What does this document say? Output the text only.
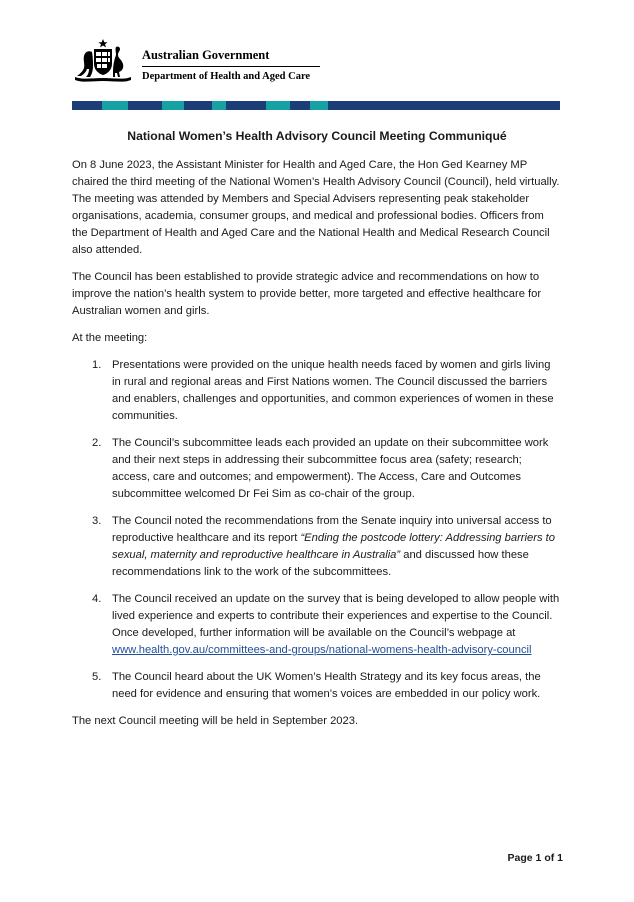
Australian Government
Department of Health and Aged Care
National Women’s Health Advisory Council Meeting Communiqué

On 8 June 2023, the Assistant Minister for Health and Aged Care, the Hon Ged Kearney MP chaired the third meeting of the National Women’s Health Advisory Council (Council), held virtually. The meeting was attended by Members and Special Advisers representing peak stakeholder organisations, academia, consumer groups, and medical and professional bodies. Officers from the Department of Health and Aged Care and the National Health and Medical Research Council also attended.

The Council has been established to provide strategic advice and recommendations on how to improve the nation’s health system to provide better, more targeted and effective healthcare for Australian women and girls.

At the meeting:

1. Presentations were provided on the unique health needs faced by women and girls living in rural and regional areas and First Nations women. The Council discussed the barriers and enablers, challenges and opportunities, and common experiences of women in these communities.
2. The Council’s subcommittee leads each provided an update on their subcommittee work and their next steps in addressing their subcommittee focus area (safety; research; access, care and outcomes; and empowerment). The Access, Care and Outcomes subcommittee welcomed Dr Fei Sim as co-chair of the group.
3. The Council noted the recommendations from the Senate inquiry into universal access to reproductive healthcare and its report “Ending the postcode lottery: Addressing barriers to sexual, maternity and reproductive healthcare in Australia” and discussed how these recommendations link to the work of the subcommittees.
4. The Council received an update on the survey that is being developed to allow people with lived experience and experts to contribute their experiences and expertise to the Council. Once developed, further information will be available on the Council’s webpage at www.health.gov.au/committees-and-groups/national-womens-health-advisory-council
5. The Council heard about the UK Women’s Health Strategy and its key focus areas, the need for evidence and ensuring that women’s voices are embedded in our policy work.

The next Council meeting will be held in September 2023.

Page 1 of 1
